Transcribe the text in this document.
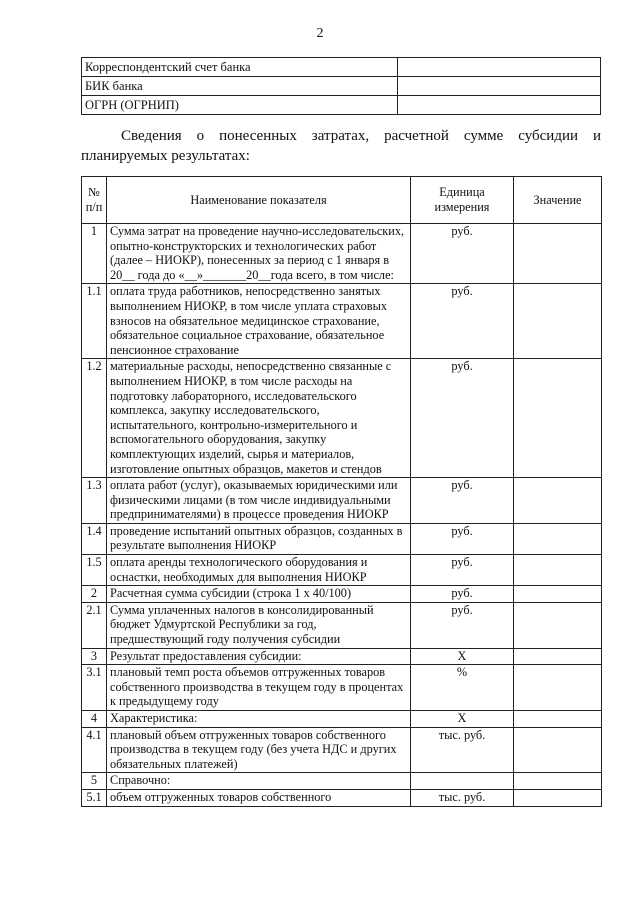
2
Корреспондентский счет банка	
БИК банка	
ОГРН (ОГРНИП)	
Сведения о понесенных затратах, расчетной сумме субсидии и планируемых результатах:
№ п/п	Наименование показателя	Единица измерения	Значение
1	Сумма затрат на проведение научно-исследовательских, опытно-конструкторских и технологических работ (далее – НИОКР), понесенных за период с 1 января в 20__ года до «__»_______20__года всего, в том числе:	руб.	
1.1	оплата труда работников, непосредственно занятых выполнением НИОКР, в том числе уплата страховых взносов на обязательное медицинское страхование, обязательное социальное страхование, обязательное пенсионное страхование	руб.	
1.2	материальные расходы, непосредственно связанные с выполнением НИОКР, в том числе расходы на подготовку лабораторного, исследовательского комплекса, закупку исследовательского, испытательного, контрольно-измерительного и вспомогательного оборудования, закупку комплектующих изделий, сырья и материалов, изготовление опытных образцов, макетов и стендов	руб.	
1.3	оплата работ (услуг), оказываемых юридическими или физическими лицами (в том числе индивидуальными предпринимателями) в процессе проведения НИОКР	руб.	
1.4	проведение испытаний опытных образцов, созданных в результате выполнения НИОКР	руб.	
1.5	оплата аренды технологического оборудования и оснастки, необходимых для выполнения НИОКР	руб.	
2	Расчетная сумма субсидии (строка 1 х 40/100)	руб.	
2.1	Сумма уплаченных налогов в консолидированный бюджет Удмуртской Республики за год, предшествующий году получения субсидии	руб.	
3	Результат предоставления субсидии:	Х	
3.1	плановый темп роста объемов отгруженных товаров собственного производства в текущем году в процентах к предыдущему году	%	
4	Характеристика:	Х	
4.1	плановый объем отгруженных товаров собственного производства в текущем году (без учета НДС и других обязательных платежей)	тыс. руб.	
5	Справочно:		
5.1	объем отгруженных товаров собственного	тыс. руб.	
